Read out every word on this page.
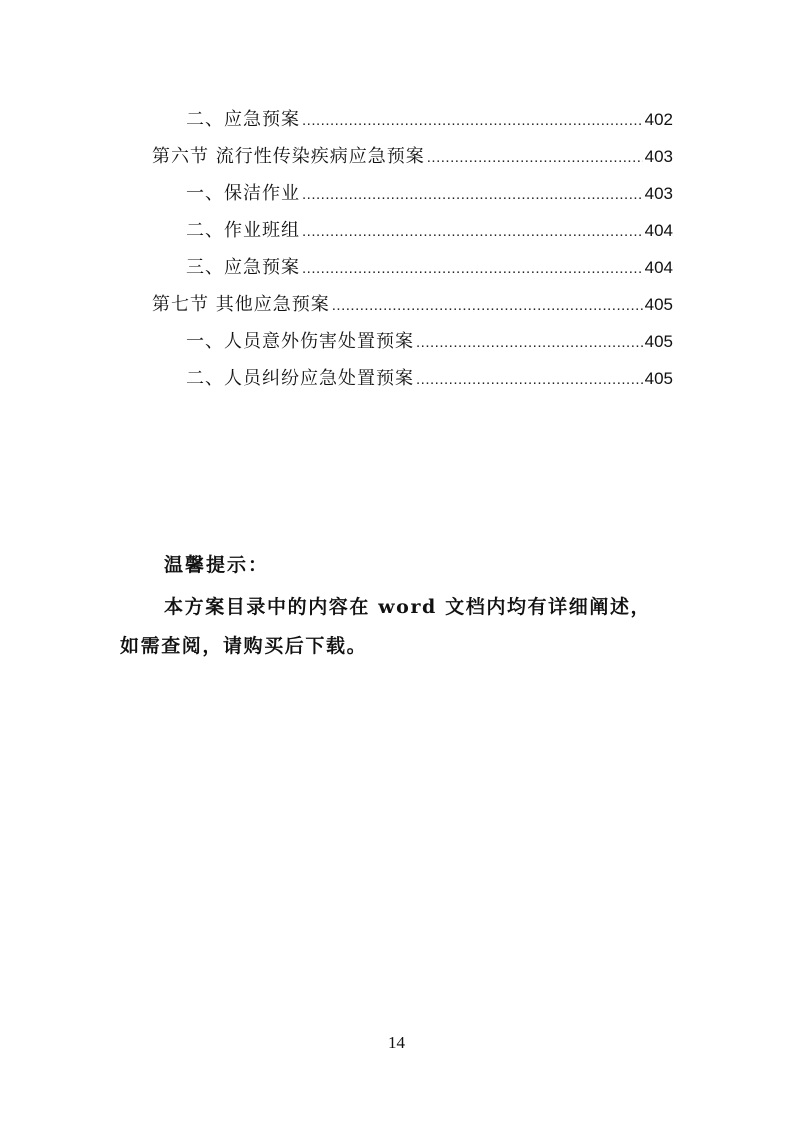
二、应急预案 .....	402
第六节 流行性传染疾病应急预案 .....	403
一、保洁作业 .....	403
二、作业班组 .....	404
三、应急预案 .....	404
第七节 其他应急预案 .....	405
一、人员意外伤害处置预案 .....	405
二、人员纠纷应急处置预案 .....	405
温馨提示：
本方案目录中的内容在 word 文档内均有详细阐述，
如需查阅，请购买后下载。
14
